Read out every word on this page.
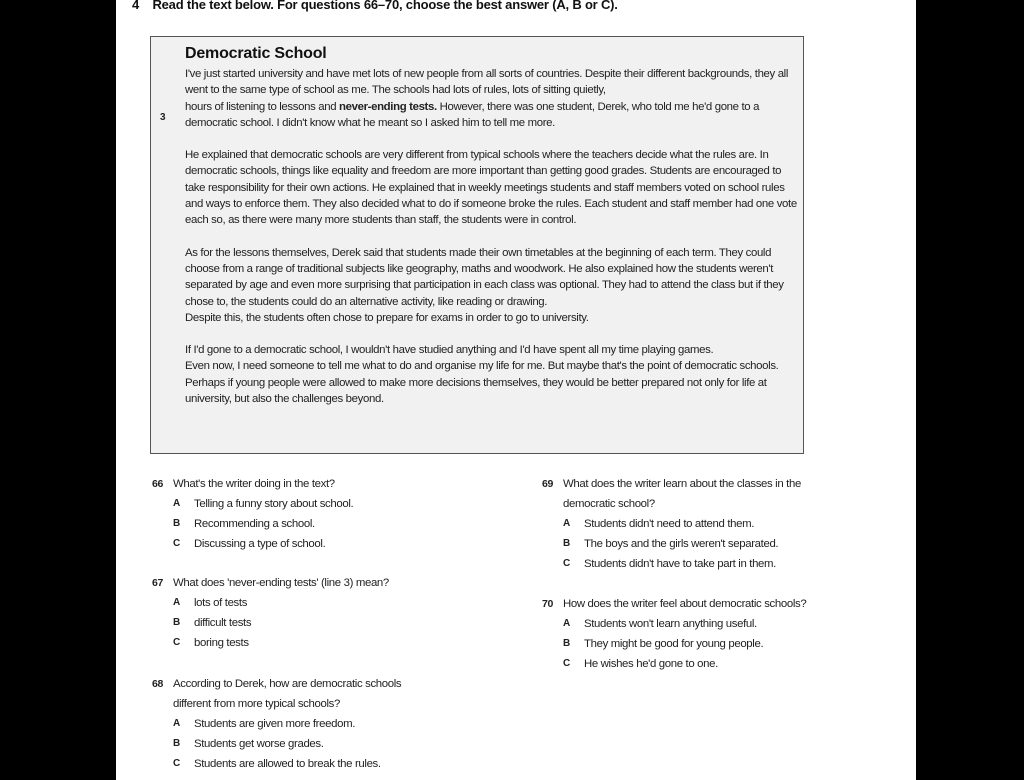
4 Read the text below. For questions 66–70, choose the best answer (A, B or C).
Democratic School

I've just started university and have met lots of new people from all sorts of countries. Despite their different backgrounds, they all went to the same type of school as me. The schools had lots of rules, lots of sitting quietly,

hours of listening to lessons and never-ending tests. However, there was one student, Derek, who told me he'd gone to a democratic school. I didn't know what he meant so I asked him to tell me more.

He explained that democratic schools are very different from typical schools where the teachers decide what the rules are. In democratic schools, things like equality and freedom are more important than getting good grades. Students are encouraged to take responsibility for their own actions. He explained that in weekly meetings students and staff members voted on school rules and ways to enforce them. They also decided what to do if someone broke the rules. Each student and staff member had one vote each so, as there were many more students than staff, the students were in control.

As for the lessons themselves, Derek said that students made their own timetables at the beginning of each term. They could choose from a range of traditional subjects like geography, maths and woodwork. He also explained how the students weren't separated by age and even more surprising that participation in each class was optional. They had to attend the class but if they chose to, the students could do an alternative activity, like reading or drawing.

Despite this, the students often chose to prepare for exams in order to go to university.

If I'd gone to a democratic school, I wouldn't have studied anything and I'd have spent all my time playing games.

Even now, I need someone to tell me what to do and organise my life for me. But maybe that's the point of democratic schools. Perhaps if young people were allowed to make more decisions themselves, they would be better prepared not only for life at university, but also the challenges beyond.

3
66 What's the writer doing in the text?
A	Telling a funny story about school.
B	Recommending a school.
C	Discussing a type of school.
67 What does 'never-ending tests' (line 3) mean?
A	lots of tests
B	difficult tests
C	boring tests
68 According to Derek, how are democratic schools
different from more typical schools?
A	Students are given more freedom.
B	Students get worse grades.
C	Students are allowed to break the rules.
69 What does the writer learn about the classes in the
democratic school?
A	Students didn't need to attend them.
B	The boys and the girls weren't separated.
C	Students didn't have to take part in them.
70 How does the writer feel about democratic schools?
A	Students won't learn anything useful.
B	They might be good for young people.
C	He wishes he'd gone to one.
